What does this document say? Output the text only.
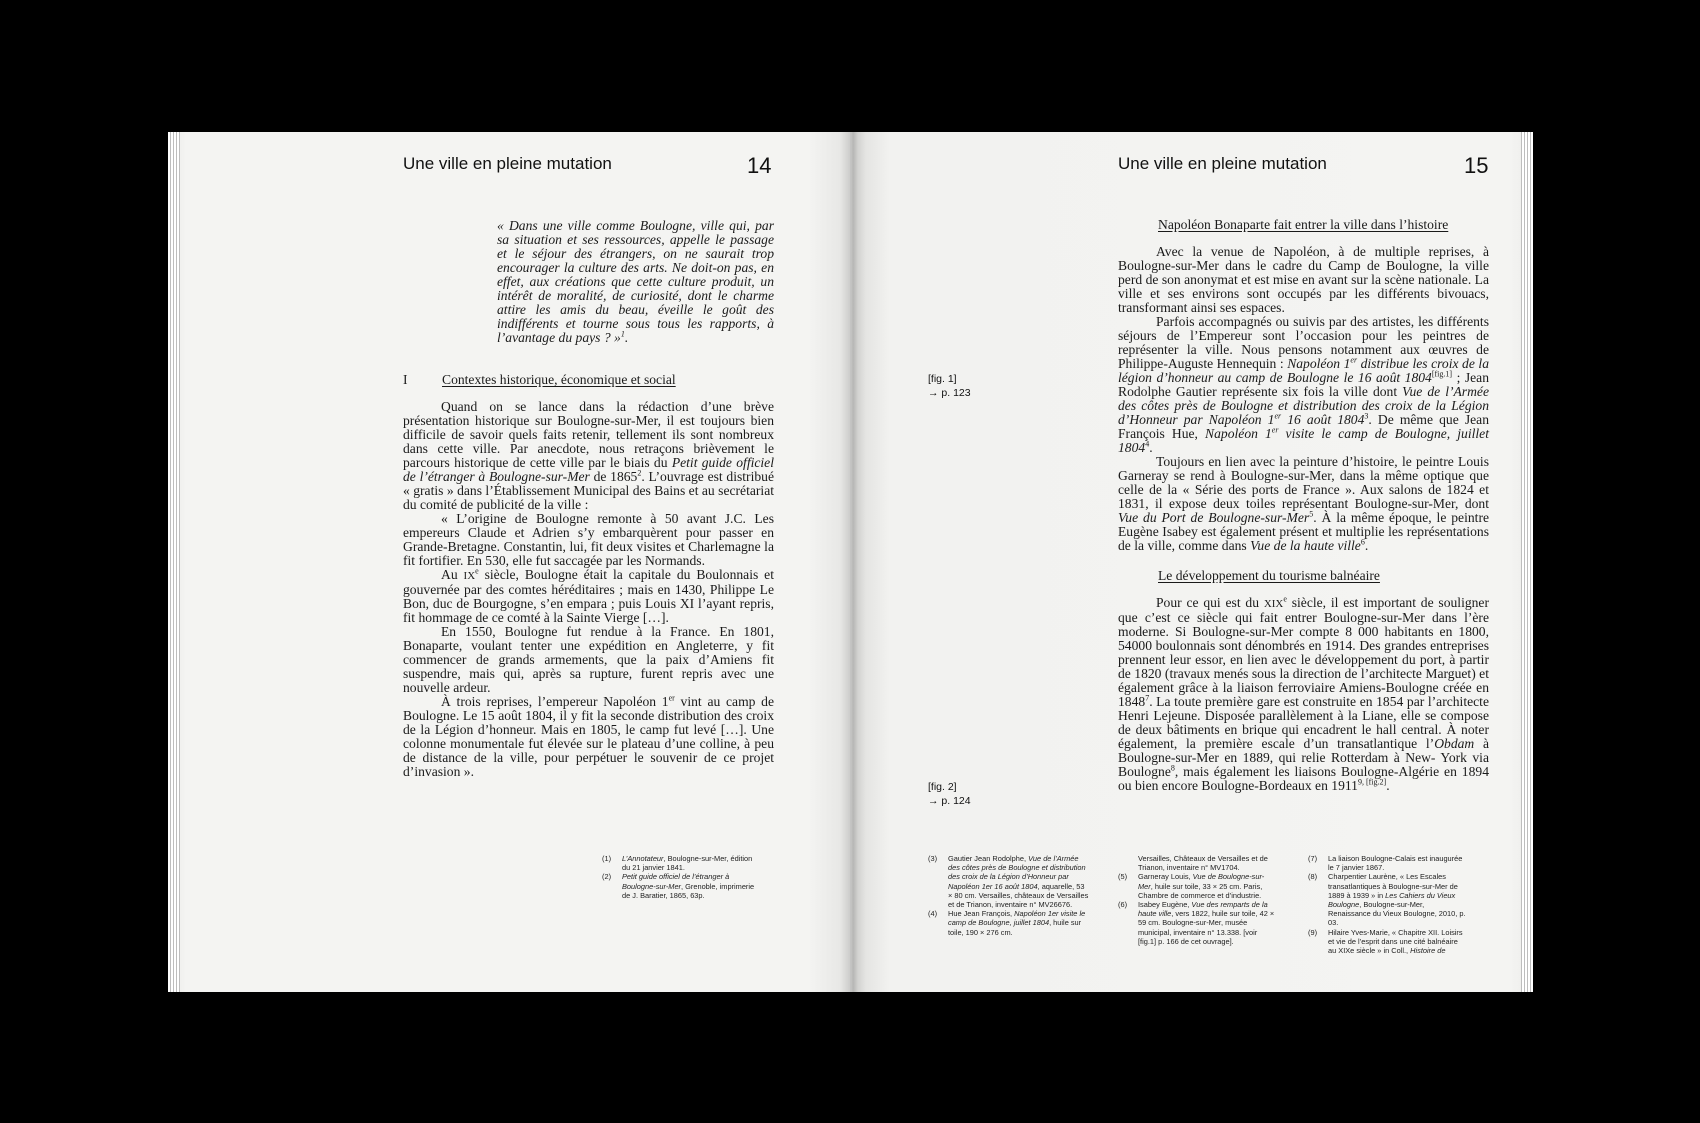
Une ville en pleine mutation	14
« Dans une ville comme Boulogne, ville qui, par sa situation et ses ressources, appelle le passage et le séjour des étrangers, on ne saurait trop encourager la culture des arts. Ne doit-on pas, en effet, aux créations que cette culture produit, un intérêt de moralité, de curiosité, dont le charme attire les amis du beau, éveille le goût des indifférents et tourne sous tous les rapports, à l’avantage du pays ? »$^1$.
I	Contextes historique, économique et social

Quand on se lance dans la rédaction d’une brève présentation historique sur Boulogne-sur-Mer, il est toujours bien difficile de savoir quels faits retenir, tellement ils sont nombreux dans cette ville. Par anecdote, nous retraçons brièvement le parcours historique de cette ville par le biais du Petit guide officiel de l’étranger à Boulogne-sur-Mer de 1865$^2$. L’ouvrage est distribué « gratis » dans l’Établissement Municipal des Bains et au secrétariat du comité de publicité de la ville :

« L’origine de Boulogne remonte à 50 avant J.C. Les empereurs Claude et Adrien s’y embarquèrent pour passer en Grande-Bretagne. Constantin, lui, fit deux visites et Charlemagne la fit fortifier. En 530, elle fut saccagée par les Normands.

Au IXe siècle, Boulogne était la capitale du Boulonnais et gouvernée par des comtes héréditaires ; mais en 1430, Philippe Le Bon, duc de Bourgogne, s’en empara ; puis Louis XI l’ayant repris, fit hommage de ce comté à la Sainte Vierge […].

En 1550, Boulogne fut rendue à la France. En 1801, Bonaparte, voulant tenter une expédition en Angleterre, y fit commencer de grands armements, que la paix d’Amiens fit suspendre, mais qui, après sa rupture, furent repris avec une nouvelle ardeur.

À trois reprises, l’empereur Napoléon 1er vint au camp de Boulogne. Le 15 août 1804, il y fit la seconde distribution des croix de la Légion d’honneur. Mais en 1805, le camp fut levé […]. Une colonne monumentale fut élevée sur le plateau d’une colline, à peu de distance de la ville, pour perpétuer le souvenir de ce projet d’invasion ».

(1)	L’Annotateur, Boulogne-sur-Mer, édition du 21 janvier 1841.
(2)	Petit guide officiel de l’étranger à Boulogne-sur-Mer, Grenoble, imprimerie de J. Baratier, 1865, 63p.
Une ville en pleine mutation	15
Napoléon Bonaparte fait entrer la ville dans l’histoire

Avec la venue de Napoléon, à de multiple reprises, à Boulogne-sur-Mer dans le cadre du Camp de Boulogne, la ville perd de son anonymat et est mise en avant sur la scène nationale. La ville et ses environs sont occupés par les différents bivouacs, transformant ainsi ses espaces.

Parfois accompagnés ou suivis par des artistes, les différents séjours de l’Empereur sont l’occasion pour les peintres de représenter la ville. Nous pensons notamment aux œuvres de Philippe-Auguste Hennequin : Napoléon 1er distribue les croix de la légion d’honneur au camp de Boulogne le 16 août 1804[fig.1] ; Jean Rodolphe Gautier représente six fois la ville dont Vue de l’Armée des côtes près de Boulogne et distribution des croix de la Légion d’Honneur par Napoléon 1er 16 août 1804$^3$. De même que Jean François Hue, Napoléon 1er visite le camp de Boulogne, juillet 1804$^4$.

Toujours en lien avec la peinture d’histoire, le peintre Louis Garneray se rend à Boulogne-sur-Mer, dans la même optique que celle de la « Série des ports de France ». Aux salons de 1824 et 1831, il expose deux toiles représentant Boulogne-sur-Mer, dont Vue du Port de Boulogne-sur-Mer$^5$. À la même époque, le peintre Eugène Isabey est également présent et multiplie les représentations de la ville, comme dans Vue de la haute ville$^6$.

Le développement du tourisme balnéaire

Pour ce qui est du XIXe siècle, il est important de souligner que c’est ce siècle qui fait entrer Boulogne-sur-Mer dans l’ère moderne. Si Boulogne-sur-Mer compte 8 000 habitants en 1800, 54000 boulonnais sont dénombrés en 1914. Des grandes entreprises prennent leur essor, en lien avec le développement du port, à partir de 1820 (travaux menés sous la direction de l’architecte Marguet) et également grâce à la liaison ferroviaire Amiens-Boulogne créée en 1848$^7$. La toute première gare est construite en 1854 par l’architecte Henri Lejeune. Disposée parallèlement à la Liane, elle se compose de deux bâtiments en brique qui encadrent le hall central. À noter également, la première escale d’un transatlantique l’Obdam à Boulogne-sur-Mer en 1889, qui relie Rotterdam à New- York via Boulogne$^8$, mais également les liaisons Boulogne-Algérie en 1894 ou bien encore Boulogne-Bordeaux en $1911^{9, [fig.2]}$.

[fig. 1]
→ p. 123
[fig. 2]
→ p. 124
(3)	Gautier Jean Rodolphe, Vue de l’Armée des côtes près de Boulogne et distribution des croix de la Légion d’Honneur par Napoléon 1er 16 août 1804, aquarelle, 53 × 80 cm. Versailles, châteaux de Versailles et de Trianon, inventaire n° MV26676.
(4)	Hue Jean François, Napoléon 1er visite le camp de Boulogne, juillet 1804, huile sur toile, 190 × 276 cm.
Versailles, Châteaux de Versailles et de Trianon, inventaire n° MV1704.
(5)	Garneray Louis, Vue de Boulogne-sur-Mer, huile sur toile, 33 × 25 cm. Paris, Chambre de commerce et d’industrie.
(6)	Isabey Eugène, Vue des remparts de la haute ville, vers 1822, huile sur toile, 42 × 59 cm. Boulogne-sur-Mer, musée municipal, inventaire n° 13.338. [voir [fig.1] p. 166 de cet ouvrage].
(7)	La liaison Boulogne-Calais est inaugurée le 7 janvier 1867.
(8)	Charpentier Laurène, « Les Escales transatlantiques à Boulogne-sur-Mer de 1889 à 1939 » in Les Cahiers du Vieux Boulogne, Boulogne-sur-Mer, Renaissance du Vieux Boulogne, 2010, p. 03.
(9)	Hilaire Yves-Marie, « Chapitre XII. Loisirs et vie de l’esprit dans une cité balnéaire au XIXe siècle » in Coll., Histoire de
